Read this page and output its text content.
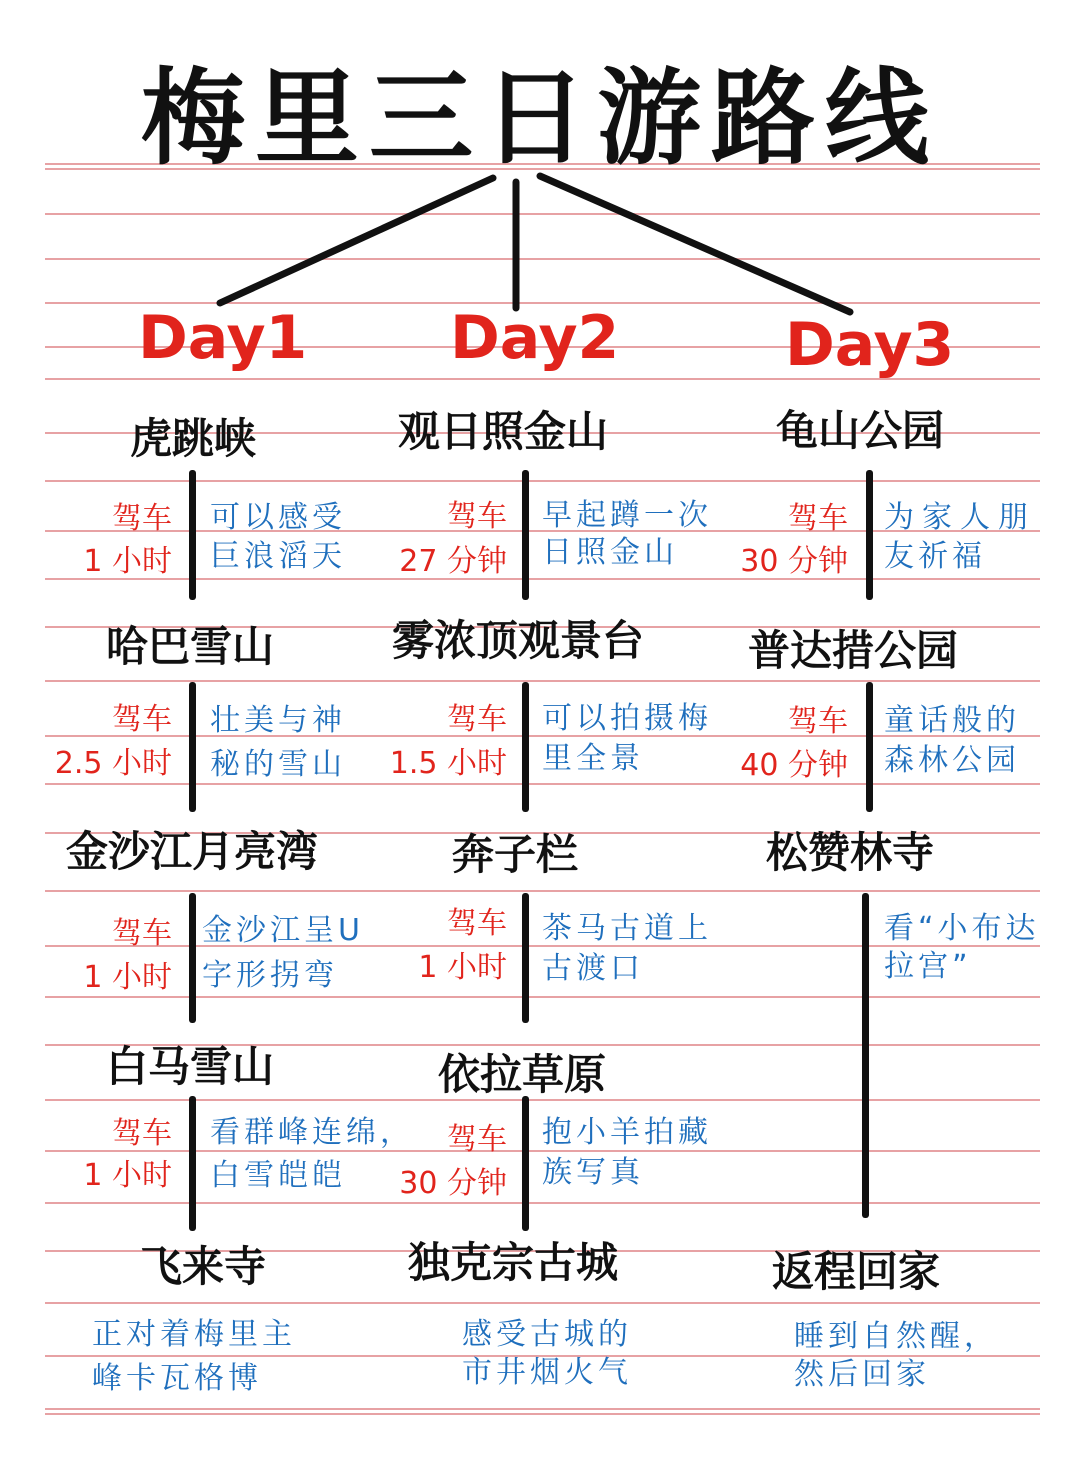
梅里三日游路线
Day1 Day2	Day3
虎跳峡
驾车
1 小时
可以感受
巨浪滔天
哈巴雪山
驾车
2.5 小时
壮美与神
秘的雪山
金沙江月亮湾
驾车
1 小时
金沙江呈U
字形拐弯
白马雪山
驾车
1 小时
看群峰连绵，
白雪皑皑
飞来寺
正对着梅里主
峰卡瓦格博
观日照金山
驾车
27 分钟
早起蹲一次
日照金山
雾浓顶观景台
驾车
1.5 小时
可以拍摄梅
里全景
奔子栏
驾车
1 小时
茶马古道上
古渡口
依拉草原
驾车
30 分钟
抱小羊拍藏
族写真
独克宗古城
感受古城的
市井烟火气
龟山公园
驾车
30 分钟
为家人朋
友祈福
普达措公园
驾车
40 分钟
童话般的
森林公园
松赞林寺
看“小布达
拉宫”
返程回家
睡到自然醒，
然后回家
